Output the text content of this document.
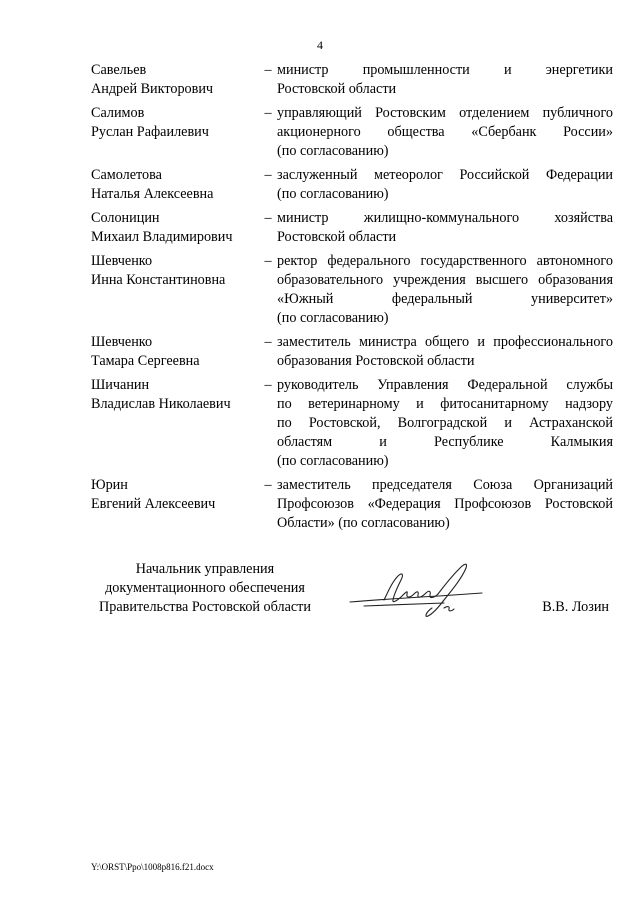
4
Савельев
Андрей Викторович
– министр промышленности и энергетики
Ростовской области
Салимов
Руслан Рафаилевич
– управляющий Ростовским отделением публичного
акционерного общества «Сбербанк России»
(по согласованию)
Самолетова
Наталья Алексеевна
– заслуженный метеоролог Российской Федерации
(по согласованию)
Солоницин
Михаил Владимирович
– министр жилищно-коммунального хозяйства
Ростовской области
Шевченко
Инна Константиновна
– ректор федерального государственного автономного
образовательного учреждения высшего образования
«Южный федеральный университет»
(по согласованию)
Шевченко
Тамара Сергеевна
– заместитель министра общего и профессионального
образования Ростовской области
Шичанин
Владислав Николаевич
– руководитель Управления Федеральной службы
по ветеринарному и фитосанитарному надзору
по Ростовской, Волгоградской и Астраханской
областям и Республике Калмыкия
(по согласованию)
Юрин
Евгений Алексеевич
– заместитель председателя Союза Организаций
Профсоюзов «Федерация Профсоюзов Ростовской
Области» (по согласованию)
Начальник управления
документационного обеспечения
Правительства Ростовской области	В.В. Лозин
Y:\ORST\Ppo\1008p816.f21.docx
